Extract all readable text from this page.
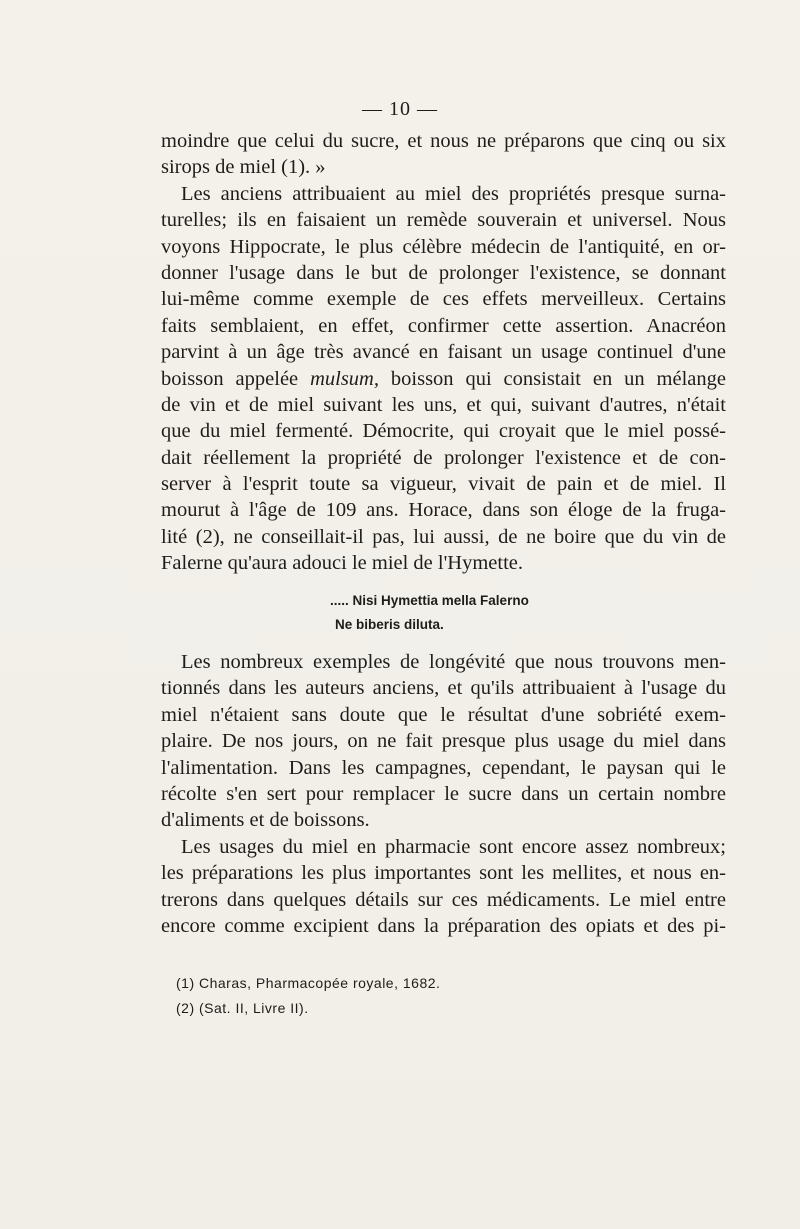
— 10 —
moindre que celui du sucre, et nous ne préparons que cinq ou six
sirops de miel (1). »
Les anciens attribuaient au miel des propriétés presque surna-
turelles; ils en faisaient un remède souverain et universel. Nous
voyons Hippocrate, le plus célèbre médecin de l'antiquité, en or-
donner l'usage dans le but de prolonger l'existence, se donnant
lui-même comme exemple de ces effets merveilleux. Certains
faits semblaient, en effet, confirmer cette assertion. Anacréon
parvint à un âge très avancé en faisant un usage continuel d'une
boisson appelée mulsum, boisson qui consistait en un mélange
de vin et de miel suivant les uns, et qui, suivant d'autres, n'était
que du miel fermenté. Démocrite, qui croyait que le miel possé-
dait réellement la propriété de prolonger l'existence et de con-
server à l'esprit toute sa vigueur, vivait de pain et de miel. Il
mourut à l'âge de 109 ans. Horace, dans son éloge de la fruga-
lité (2), ne conseillait-il pas, lui aussi, de ne boire que du vin de
Falerne qu'aura adouci le miel de l'Hymette.
..... Nisi Hymettia mella Falerno
Ne biberis diluta.
Les nombreux exemples de longévité que nous trouvons men-
tionnés dans les auteurs anciens, et qu'ils attribuaient à l'usage du
miel n'étaient sans doute que le résultat d'une sobriété exem-
plaire. De nos jours, on ne fait presque plus usage du miel dans
l'alimentation. Dans les campagnes, cependant, le paysan qui le
récolte s'en sert pour remplacer le sucre dans un certain nombre
d'aliments et de boissons.
Les usages du miel en pharmacie sont encore assez nombreux;
les préparations les plus importantes sont les mellites, et nous en-
trerons dans quelques détails sur ces médicaments. Le miel entre
encore comme excipient dans la préparation des opiats et des pi-
(1) Charas, Pharmacopée royale, 1682.
(2) (Sat. II, Livre II).
